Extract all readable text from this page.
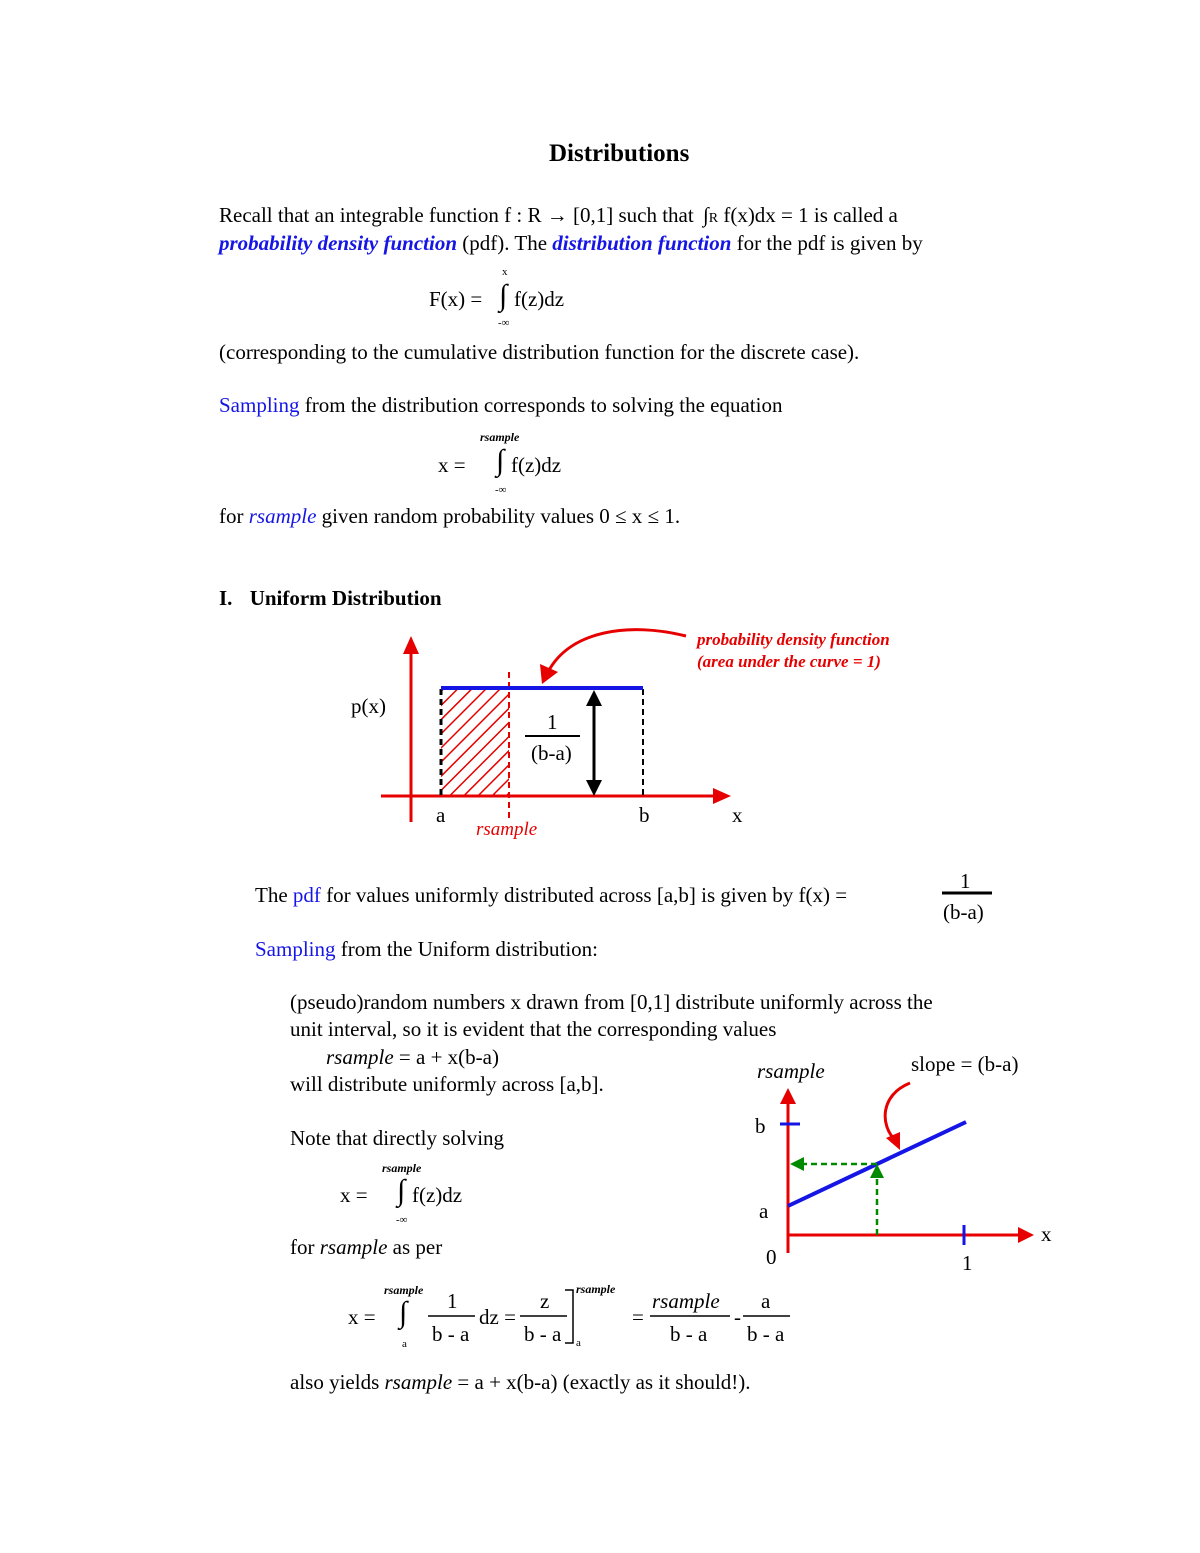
Distributions
Recall that an integrable function f : R → [0,1] such that ∫R f(x)dx = 1 is called a
probability density function (pdf). The distribution function for the pdf is given by
x
F(x) = ∫ f(z)dz
-∞
(corresponding to the cumulative distribution function for the discrete case).
Sampling from the distribution corresponds to solving the equation
rsample
x = ∫ f(z)dz
-∞
for rsample given random probability values 0 ≤ x ≤ 1.
I. Uniform Distribution
p(x)
x
a	b
rsample
1
(b-a)
probability density function
(area under the curve = 1)
The pdf for values uniformly distributed across [a,b] is given by f(x) =
1
(b-a)
Sampling from the Uniform distribution:
(pseudo)random numbers x drawn from [0,1] distribute uniformly across the
unit interval, so it is evident that the corresponding values
rsample = a + x(b-a)
will distribute uniformly across [a,b].
Note that directly solving
rsample
x = ∫ f(z)dz
-∞
for rsample as per
rsample
x = ∫
a
1
b - a
dz =
z
b - a
rsample
a
=
rsample
b - a
-
a
b - a
also yields rsample = a + x(b-a) (exactly as it should!).
rsample	slope = (b-a)
b
a
0	1
x
